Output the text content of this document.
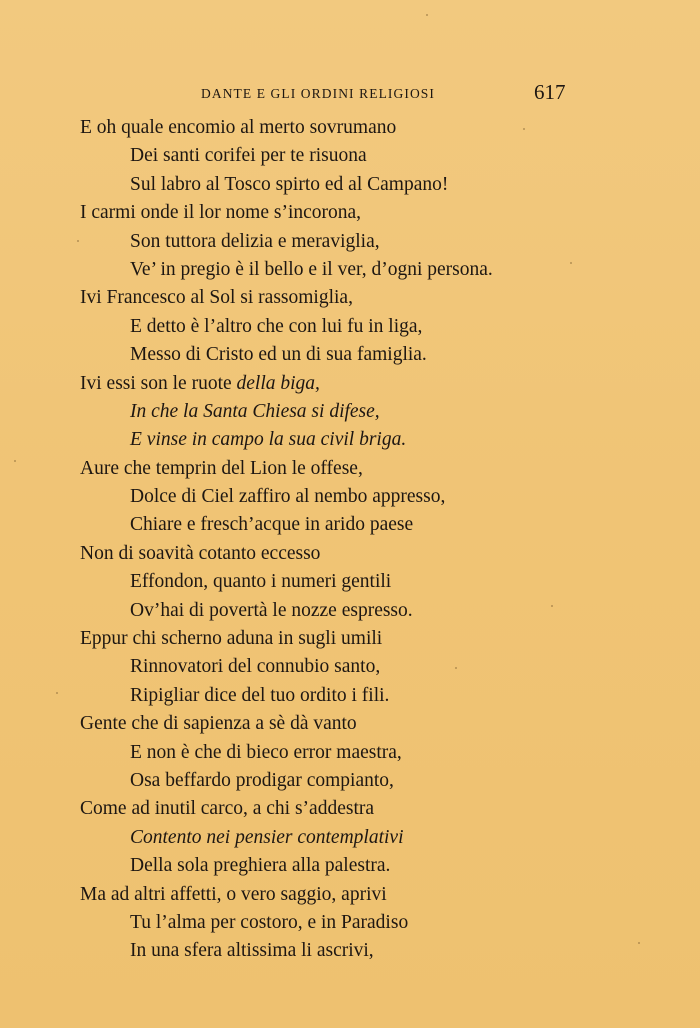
DANTE E GLI ORDINI RELIGIOSI	617
E oh quale encomio al merto sovrumano
Dei santi corifei per te risuona
Sul labro al Tosco spirto ed al Campano!
I carmi onde il lor nome s’incorona,
Son tuttora delizia e meraviglia,
Ve’ in pregio è il bello e il ver, d’ogni persona.
Ivi Francesco al Sol si rassomiglia,
E detto è l’altro che con lui fu in liga,
Messo di Cristo ed un di sua famiglia.
Ivi essi son le ruote della biga,
In che la Santa Chiesa si difese,
E vinse in campo la sua civil briga.
Aure che temprin del Lion le offese,
Dolce di Ciel zaffiro al nembo appresso,
Chiare e fresch’acque in arido paese
Non di soavità cotanto eccesso
Effondon, quanto i numeri gentili
Ov’hai di povertà le nozze espresso.
Eppur chi scherno aduna in sugli umili
Rinnovatori del connubio santo,
Ripigliar dice del tuo ordito i fili.
Gente che di sapienza a sè dà vanto
E non è che di bieco error maestra,
Osa beffardo prodigar compianto,
Come ad inutil carco, a chi s’addestra
Contento nei pensier contemplativi
Della sola preghiera alla palestra.
Ma ad altri affetti, o vero saggio, aprivi
Tu l’alma per costoro, e in Paradiso
In una sfera altissima li ascrivi,
